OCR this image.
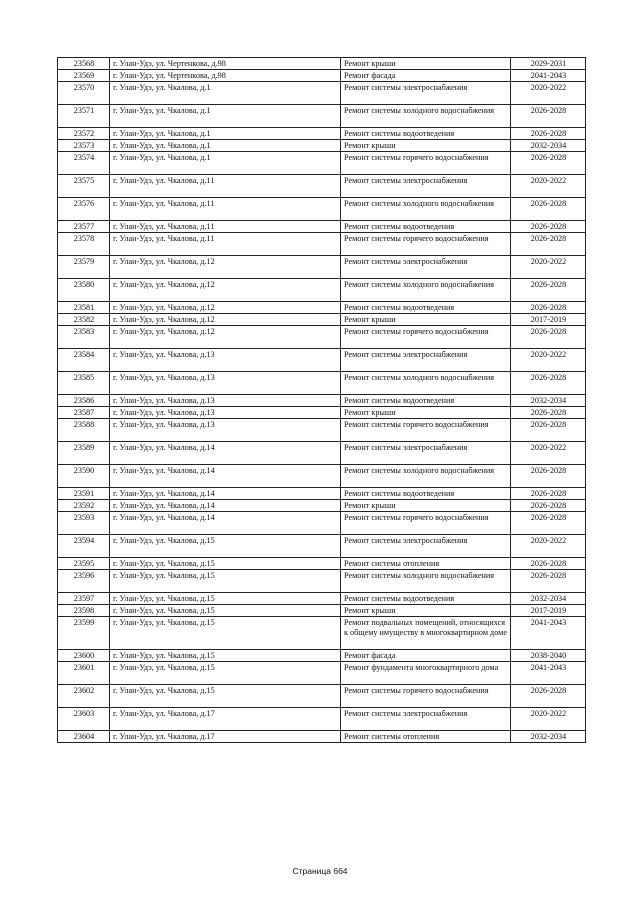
23568	г. Улан-Удэ, ул. Чертенкова, д.98	Ремонт крыши	2029-2031
23569	г. Улан-Удэ, ул. Чертенкова, д.98	Ремонт фасада	2041-2043
23570	г. Улан-Удэ, ул. Чкалова, д.1	Ремонт системы электроснабжения	2020-2022
23571	г. Улан-Удэ, ул. Чкалова, д.1	Ремонт системы холодного водоснабжения	2026-2028
23572	г. Улан-Удэ, ул. Чкалова, д.1	Ремонт системы водоотведения	2026-2028
23573	г. Улан-Удэ, ул. Чкалова, д.1	Ремонт крыши	2032-2034
23574	г. Улан-Удэ, ул. Чкалова, д.1	Ремонт системы горячего водоснабжения	2026-2028
23575	г. Улан-Удэ, ул. Чкалова, д.11	Ремонт системы электроснабжения	2020-2022
23576	г. Улан-Удэ, ул. Чкалова, д.11	Ремонт системы холодного водоснабжения	2026-2028
23577	г. Улан-Удэ, ул. Чкалова, д.11	Ремонт системы водоотведения	2026-2028
23578	г. Улан-Удэ, ул. Чкалова, д.11	Ремонт системы горячего водоснабжения	2026-2028
23579	г. Улан-Удэ, ул. Чкалова, д.12	Ремонт системы электроснабжения	2020-2022
23580	г. Улан-Удэ, ул. Чкалова, д.12	Ремонт системы холодного водоснабжения	2026-2028
23581	г. Улан-Удэ, ул. Чкалова, д.12	Ремонт системы водоотведения	2026-2028
23582	г. Улан-Удэ, ул. Чкалова, д.12	Ремонт крыши	2017-2019
23583	г. Улан-Удэ, ул. Чкалова, д.12	Ремонт системы горячего водоснабжения	2026-2028
23584	г. Улан-Удэ, ул. Чкалова, д.13	Ремонт системы электроснабжения	2020-2022
23585	г. Улан-Удэ, ул. Чкалова, д.13	Ремонт системы холодного водоснабжения	2026-2028
23586	г. Улан-Удэ, ул. Чкалова, д.13	Ремонт системы водоотведения	2032-2034
23587	г. Улан-Удэ, ул. Чкалова, д.13	Ремонт крыши	2026-2028
23588	г. Улан-Удэ, ул. Чкалова, д.13	Ремонт системы горячего водоснабжения	2026-2028
23589	г. Улан-Удэ, ул. Чкалова, д.14	Ремонт системы электроснабжения	2020-2022
23590	г. Улан-Удэ, ул. Чкалова, д.14	Ремонт системы холодного водоснабжения	2026-2028
23591	г. Улан-Удэ, ул. Чкалова, д.14	Ремонт системы водоотведения	2026-2028
23592	г. Улан-Удэ, ул. Чкалова, д.14	Ремонт крыши	2026-2028
23593	г. Улан-Удэ, ул. Чкалова, д.14	Ремонт системы горячего водоснабжения	2026-2028
23594	г. Улан-Удэ, ул. Чкалова, д.15	Ремонт системы электроснабжения	2020-2022
23595	г. Улан-Удэ, ул. Чкалова, д.15	Ремонт системы отопления	2026-2028
23596	г. Улан-Удэ, ул. Чкалова, д.15	Ремонт системы холодного водоснабжения	2026-2028
23597	г. Улан-Удэ, ул. Чкалова, д.15	Ремонт системы водоотведения	2032-2034
23598	г. Улан-Удэ, ул. Чкалова, д.15	Ремонт крыши	2017-2019
23599	г. Улан-Удэ, ул. Чкалова, д.15	Ремонт подвальных помещений, относящихся к общему имуществу в многоквартирном доме	2041-2043
23600	г. Улан-Удэ, ул. Чкалова, д.15	Ремонт фасада	2038-2040
23601	г. Улан-Удэ, ул. Чкалова, д.15	Ремонт фундамента многоквартирного дома	2041-2043
23602	г. Улан-Удэ, ул. Чкалова, д.15	Ремонт системы горячего водоснабжения	2026-2028
23603	г. Улан-Удэ, ул. Чкалова, д.17	Ремонт системы электроснабжения	2020-2022
23604	г. Улан-Удэ, ул. Чкалова, д.17	Ремонт системы отопления	2032-2034
Страница 664
